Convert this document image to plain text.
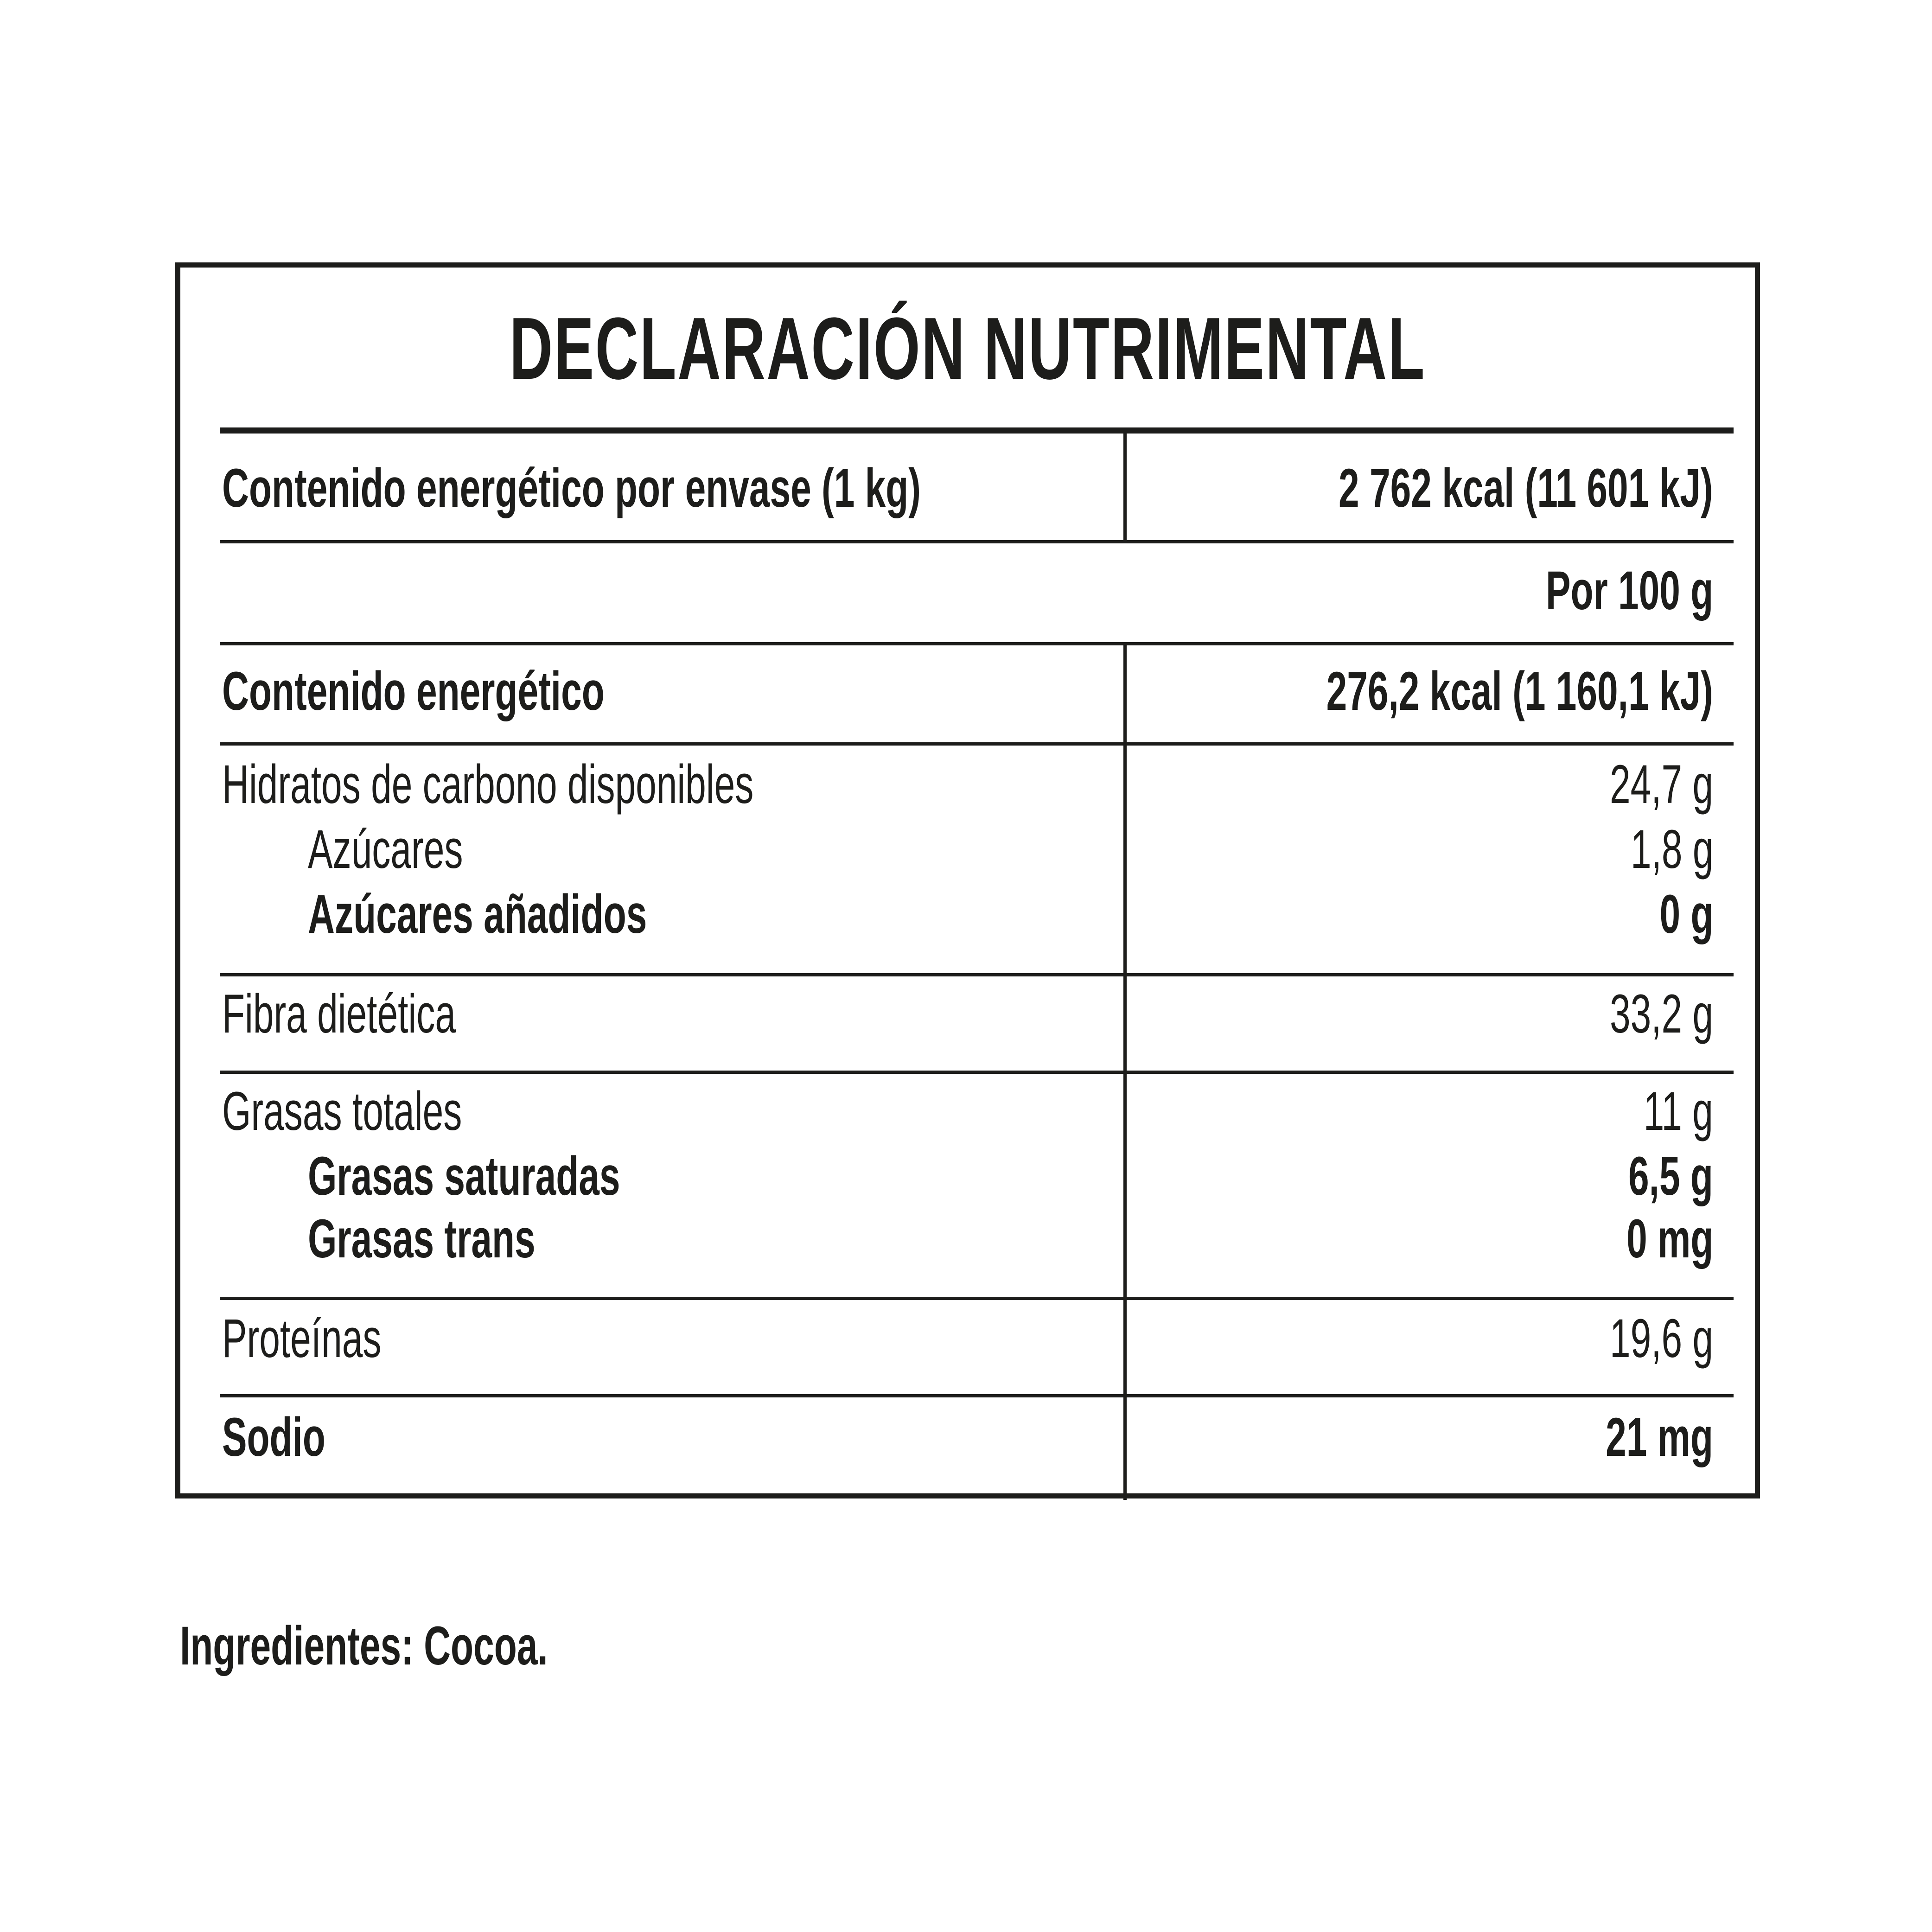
DECLARACIÓN NUTRIMENTAL
Contenido energético por envase (1 kg)	2 762 kcal (11 601 kJ)
Por 100 g
Contenido energético	276,2 kcal (1 160,1 kJ)
Hidratos de carbono disponibles	24,7 g
Azúcares	1,8 g
Azúcares añadidos	0 g
Fibra dietética	33,2 g
Grasas totales	11 g
Grasas saturadas	6,5 g
Grasas trans	0 mg
Proteínas	19,6 g
Sodio	21 mg
Ingredientes: Cocoa.
